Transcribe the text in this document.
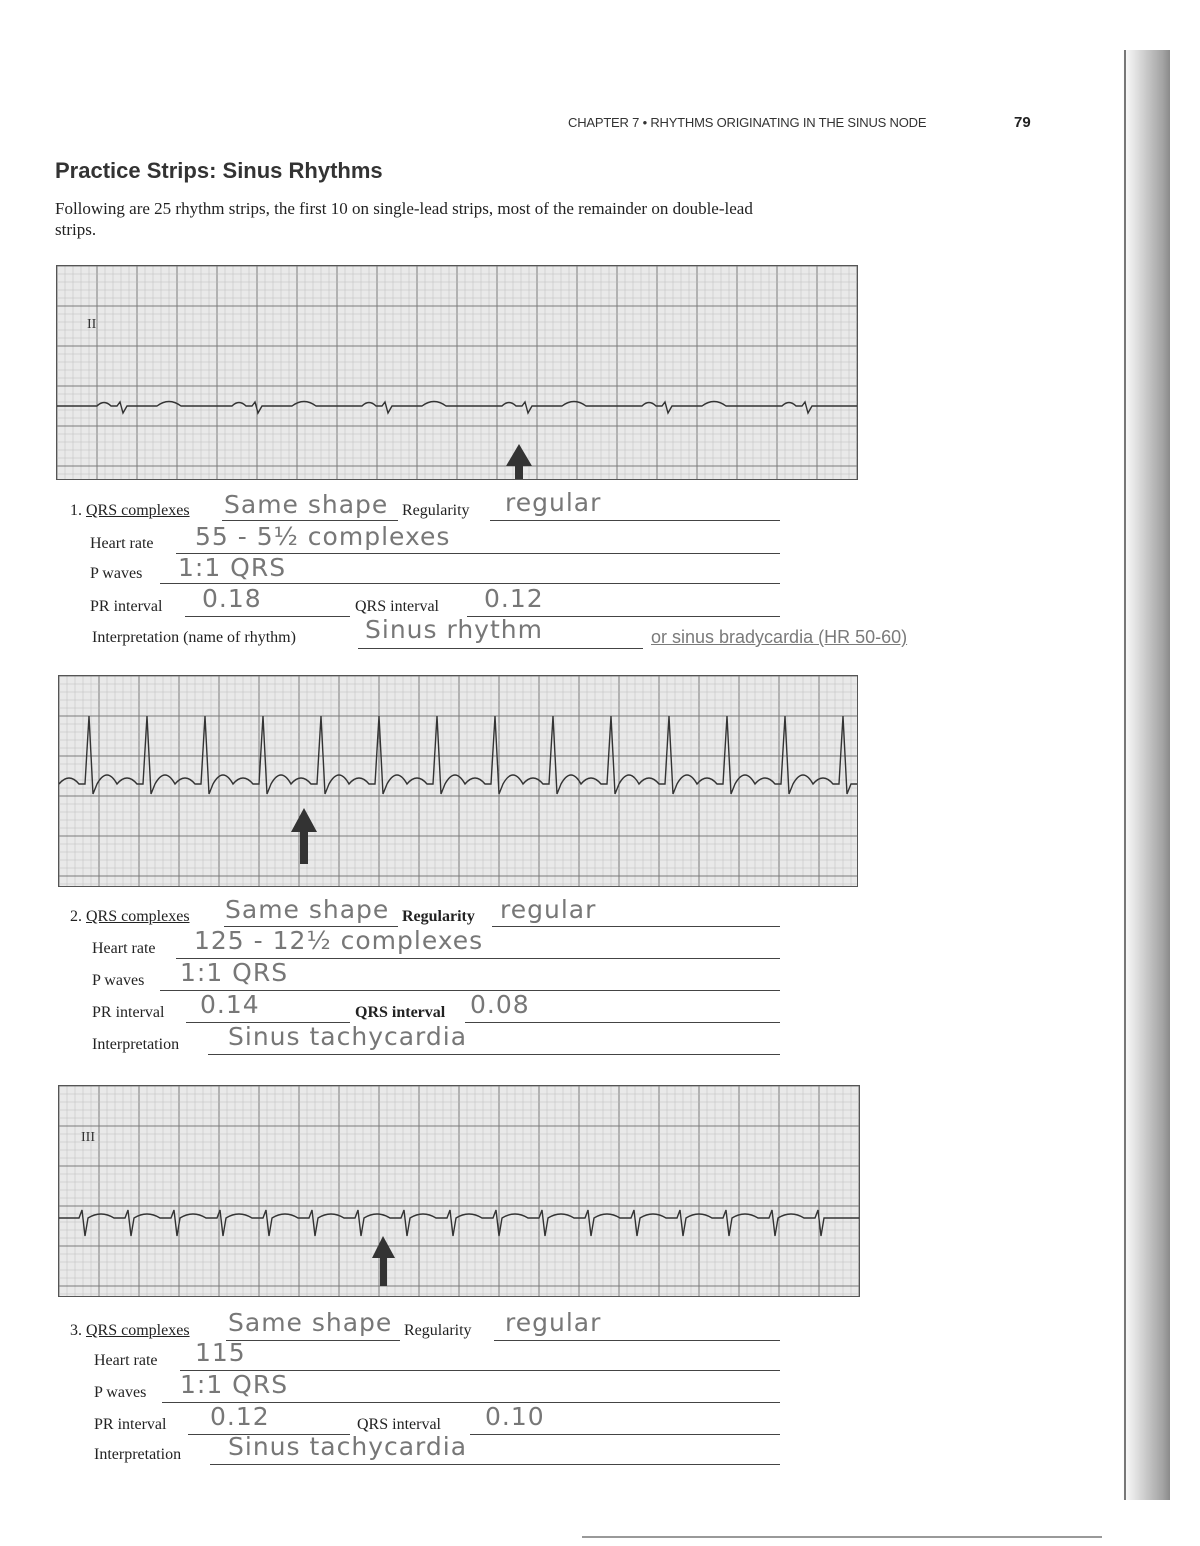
CHAPTER 7 • RHYTHMS ORIGINATING IN THE SINUS NODE	79
Practice Strips: Sinus Rhythms
Following are 25 rhythm strips, the first 10 on single-lead strips, most of the remainder on double-lead strips.
II
1. QRS complexes Same shape Regularity regular
Heart rate 55 - 5½ complexes
P waves 1:1 QRS
PR interval 0.18	QRS interval 0.12
Interpretation (name of rhythm)	Sinus rhythm	or sinus bradycardia (HR 50-60)
2. QRS complexes Same shape Regularity regular
Heart rate 125 - 12½ complexes
P waves 1:1 QRS
PR interval 0.14	QRS interval 0.08
Interpretation Sinus tachycardia
III
3. QRS complexes Same shape Regularity regular
Heart rate 115
P waves 1:1 QRS
PR interval 0.12	QRS interval 0.10
Interpretation Sinus tachycardia
